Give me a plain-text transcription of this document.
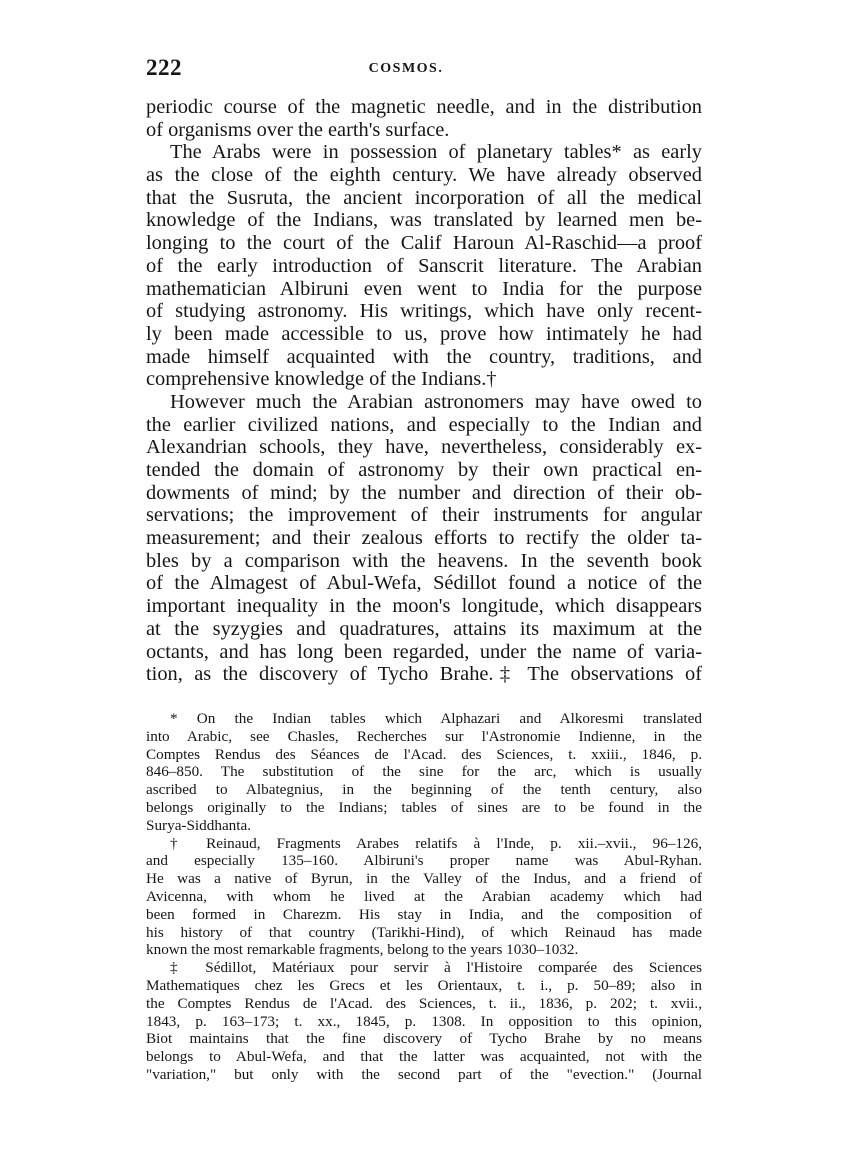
222	COSMOS.
periodic course of the magnetic needle, and in the distribution
of organisms over the earth's surface.
The Arabs were in possession of planetary tables* as early
as the close of the eighth century. We have already observed
that the Susruta, the ancient incorporation of all the medical
knowledge of the Indians, was translated by learned men be-
longing to the court of the Calif Haroun Al-Raschid—a proof
of the early introduction of Sanscrit literature. The Arabian
mathematician Albiruni even went to India for the purpose
of studying astronomy. His writings, which have only recent-
ly been made accessible to us, prove how intimately he had
made himself acquainted with the country, traditions, and
comprehensive knowledge of the Indians.†
However much the Arabian astronomers may have owed to
the earlier civilized nations, and especially to the Indian and
Alexandrian schools, they have, nevertheless, considerably ex-
tended the domain of astronomy by their own practical en-
dowments of mind; by the number and direction of their ob-
servations; the improvement of their instruments for angular
measurement; and their zealous efforts to rectify the older ta-
bles by a comparison with the heavens. In the seventh book
of the Almagest of Abul-Wefa, Sédillot found a notice of the
important inequality in the moon's longitude, which disappears
at the syzygies and quadratures, attains its maximum at the
octants, and has long been regarded, under the name of varia-
tion, as the discovery of Tycho Brahe.‡ The observations of
* On the Indian tables which Alphazari and Alkoresmi translated
into Arabic, see Chasles, Recherches sur l'Astronomie Indienne, in the
Comptes Rendus des Séances de l'Acad. des Sciences, t. xxiii., 1846, p.
846–850. The substitution of the sine for the arc, which is usually
ascribed to Albategnius, in the beginning of the tenth century, also
belongs originally to the Indians; tables of sines are to be found in the
Surya-Siddhanta.
† Reinaud, Fragments Arabes relatifs à l'Inde, p. xii.–xvii., 96–126,
and especially 135–160. Albiruni's proper name was Abul-Ryhan.
He was a native of Byrun, in the Valley of the Indus, and a friend of
Avicenna, with whom he lived at the Arabian academy which had
been formed in Charezm. His stay in India, and the composition of
his history of that country (Tarikhi-Hind), of which Reinaud has made
known the most remarkable fragments, belong to the years 1030–1032.
‡ Sédillot, Matériaux pour servir à l'Histoire comparée des Sciences
Mathematiques chez les Grecs et les Orientaux, t. i., p. 50–89; also in
the Comptes Rendus de l'Acad. des Sciences, t. ii., 1836, p. 202; t. xvii.,
1843, p. 163–173; t. xx., 1845, p. 1308. In opposition to this opinion,
Biot maintains that the fine discovery of Tycho Brahe by no means
belongs to Abul-Wefa, and that the latter was acquainted, not with the
"variation," but only with the second part of the "evection." (Journal
